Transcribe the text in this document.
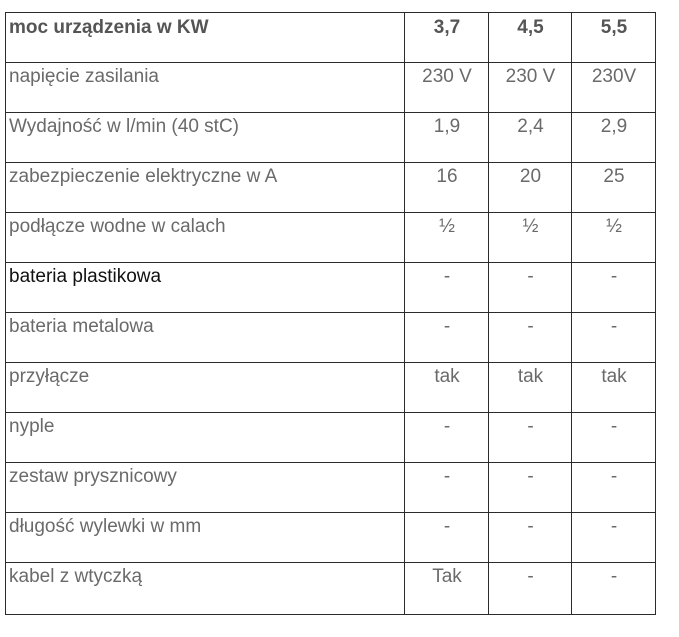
moc urządzenia w KW	3,7	4,5	5,5
napięcie zasilania	230 V	230 V	230V
Wydajność w l/min (40 stC)	1,9	2,4	2,9
zabezpieczenie elektryczne w A	16	20	25
podłącze wodne w calach	½	½	½
bateria plastikowa	-	-	-
bateria metalowa	-	-	-
przyłącze	tak	tak	tak
nyple	-	-	-
zestaw prysznicowy	-	-	-
długość wylewki w mm	-	-	-
kabel z wtyczką	Tak	-	-
